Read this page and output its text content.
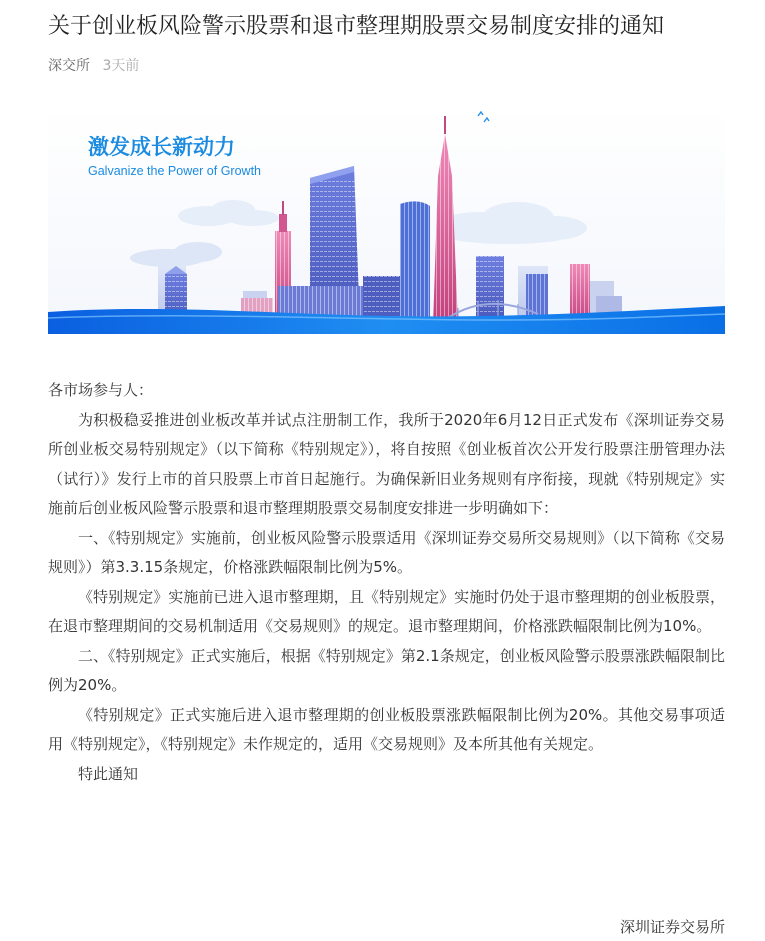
关于创业板风险警示股票和退市整理期股票交易制度安排的通知
深交所 3天前
激发成长新动力
Galvanize the Power of Growth

各市场参与人：

为积极稳妥推进创业板改革并试点注册制工作，我所于2020年6月12日正式发布《深圳证券交易所创业板交易特别规定》（以下简称《特别规定》），将自按照《创业板首次公开发行股票注册管理办法（试行）》发行上市的首只股票上市首日起施行。为确保新旧业务规则有序衔接，现就《特别规定》实施前后创业板风险警示股票和退市整理期股票交易制度安排进一步明确如下：

一、《特别规定》实施前，创业板风险警示股票适用《深圳证券交易所交易规则》（以下简称《交易规则》）第3.3.15条规定，价格涨跌幅限制比例为5%。

《特别规定》实施前已进入退市整理期，且《特别规定》实施时仍处于退市整理期的创业板股票，在退市整理期间的交易机制适用《交易规则》的规定。退市整理期间，价格涨跌幅限制比例为10%。

二、《特别规定》正式实施后，根据《特别规定》第2.1条规定，创业板风险警示股票涨跌幅限制比例为20%。

《特别规定》正式实施后进入退市整理期的创业板股票涨跌幅限制比例为20%。其他交易事项适用《特别规定》，《特别规定》未作规定的，适用《交易规则》及本所其他有关规定。

特此通知

深圳证券交易所
